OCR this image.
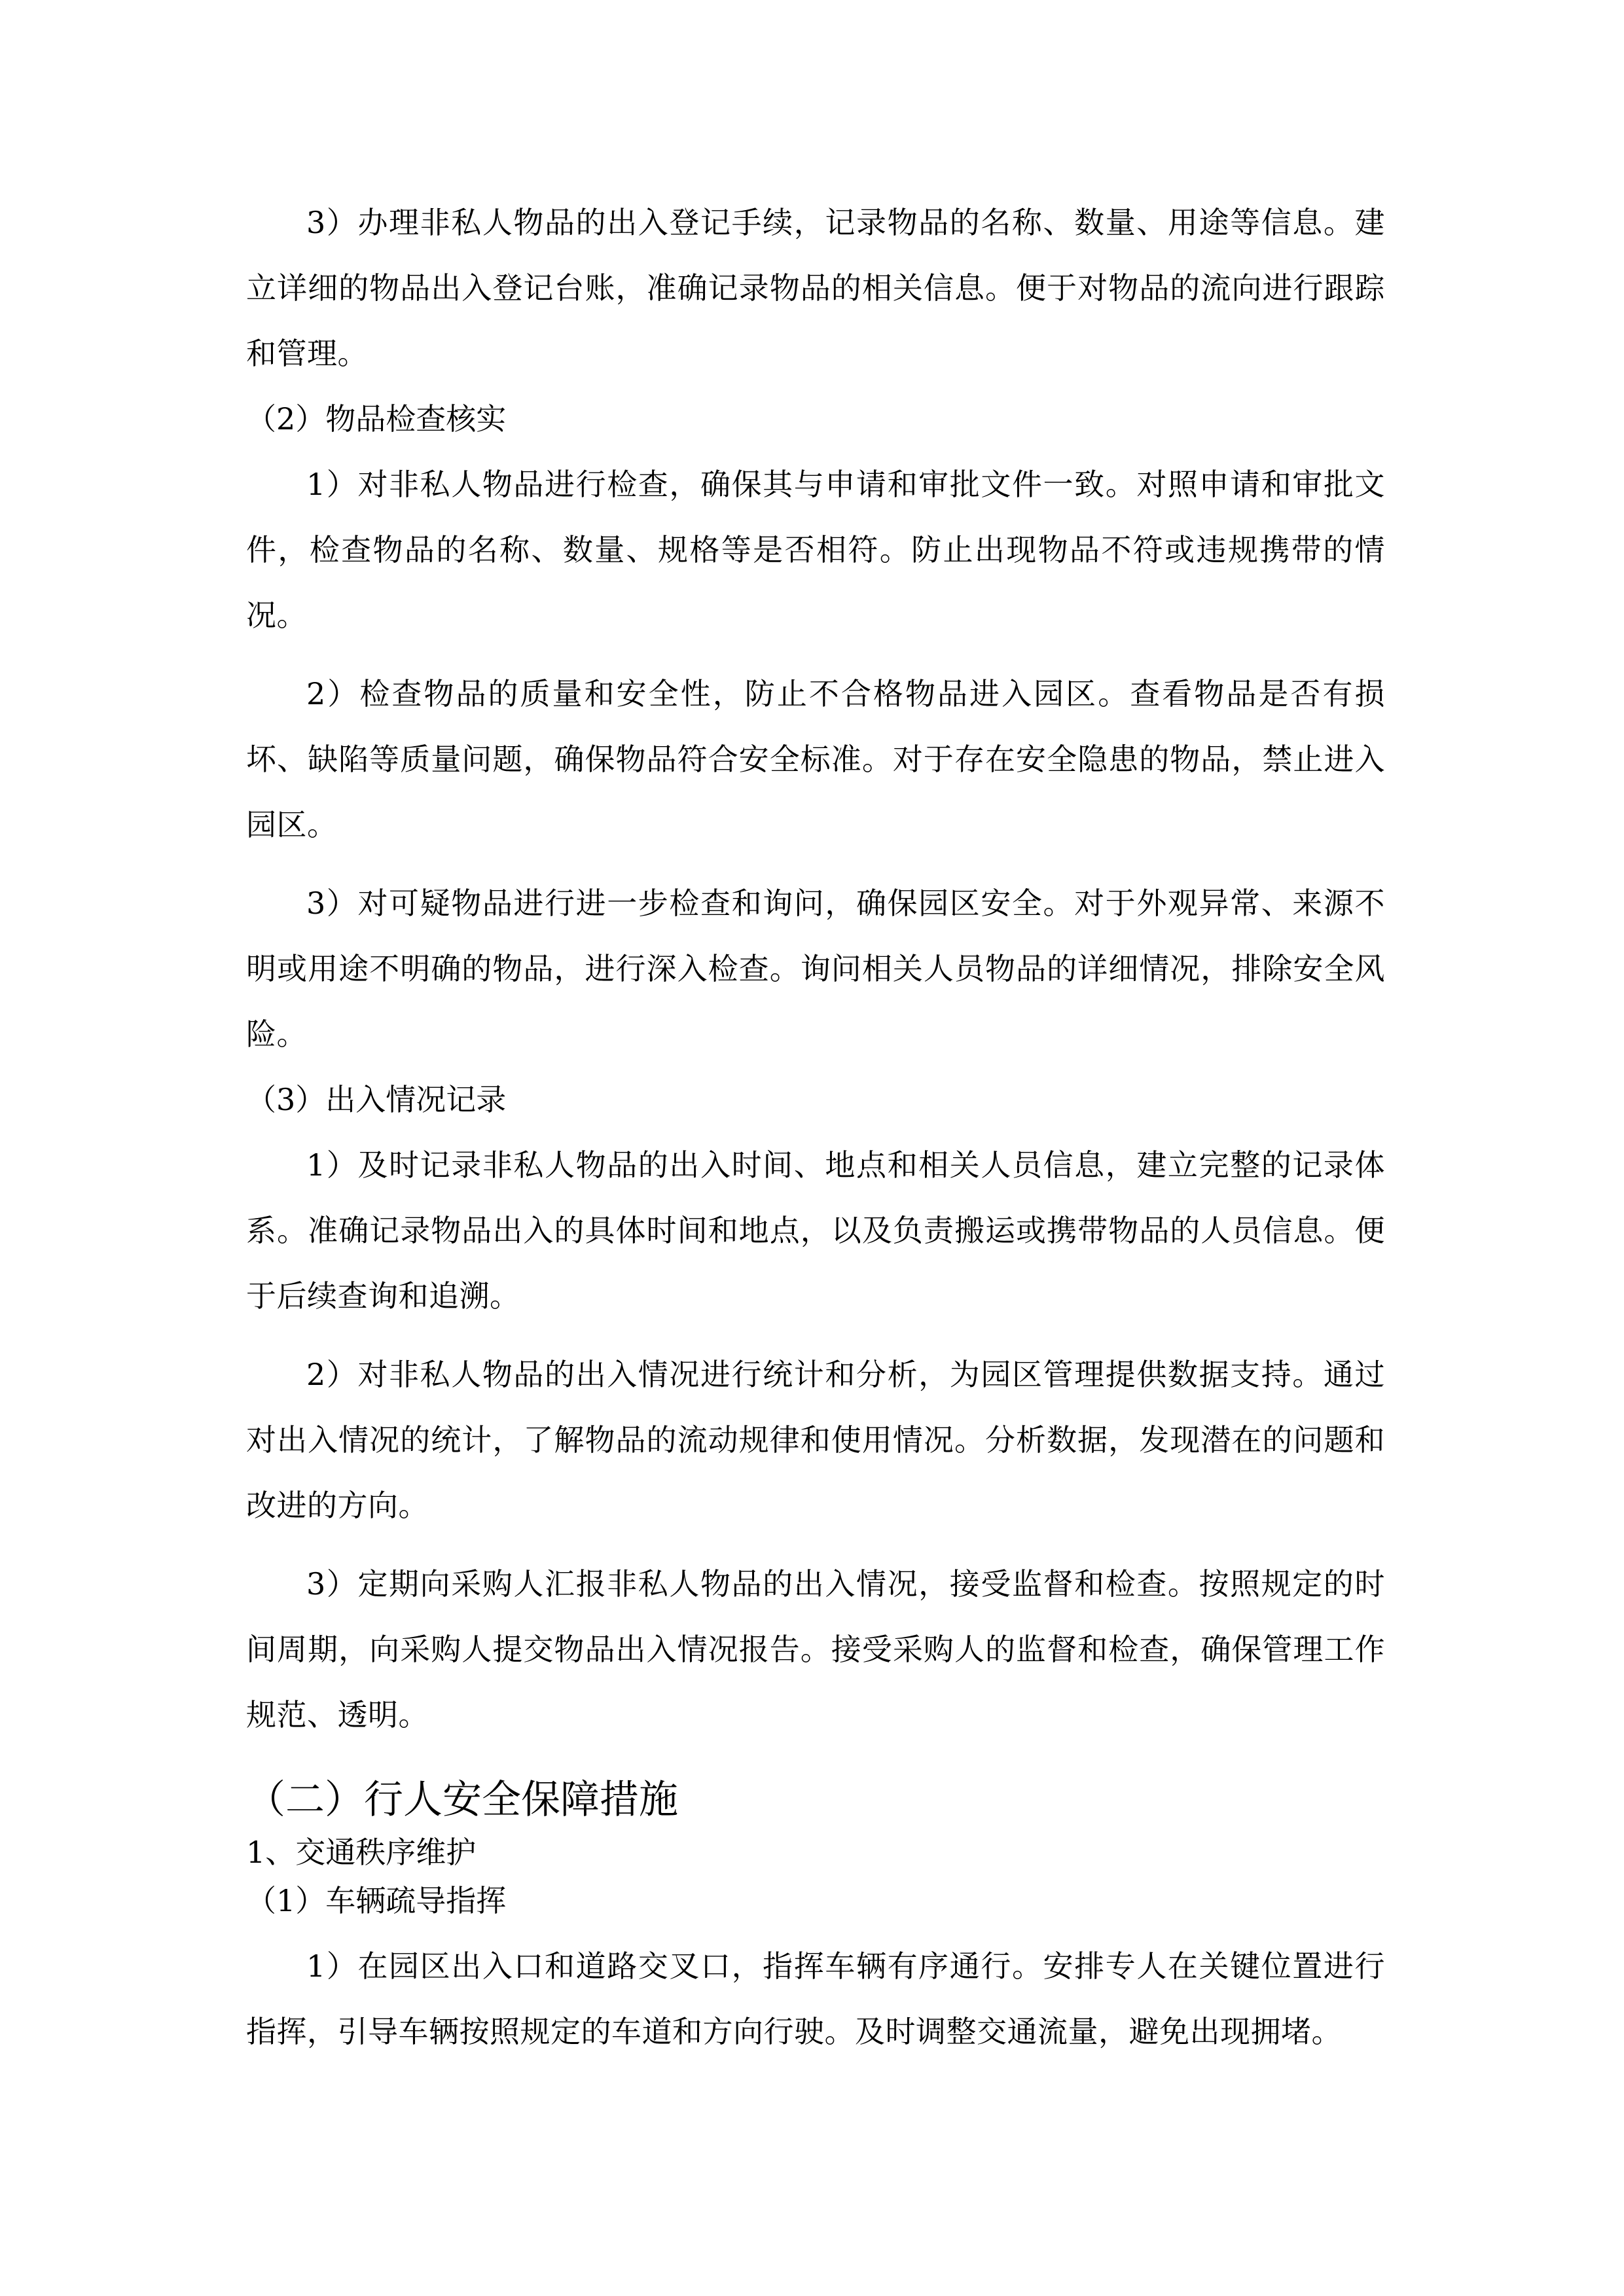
3）办理非私人物品的出入登记手续，记录物品的名称、数量、用途等信息。建立详细的物品出入登记台账，准确记录物品的相关信息。便于对物品的流向进行跟踪和管理。

（2）物品检查核实

1）对非私人物品进行检查，确保其与申请和审批文件一致。对照申请和审批文件，检查物品的名称、数量、规格等是否相符。防止出现物品不符或违规携带的情况。

2）检查物品的质量和安全性，防止不合格物品进入园区。查看物品是否有损坏、缺陷等质量问题，确保物品符合安全标准。对于存在安全隐患的物品，禁止进入园区。

3）对可疑物品进行进一步检查和询问，确保园区安全。对于外观异常、来源不明或用途不明确的物品，进行深入检查。询问相关人员物品的详细情况，排除安全风险。

（3）出入情况记录

1）及时记录非私人物品的出入时间、地点和相关人员信息，建立完整的记录体系。准确记录物品出入的具体时间和地点，以及负责搬运或携带物品的人员信息。便于后续查询和追溯。

2）对非私人物品的出入情况进行统计和分析，为园区管理提供数据支持。通过对出入情况的统计，了解物品的流动规律和使用情况。分析数据，发现潜在的问题和改进的方向。

3）定期向采购人汇报非私人物品的出入情况，接受监督和检查。按照规定的时间周期，向采购人提交物品出入情况报告。接受采购人的监督和检查，确保管理工作规范、透明。

（二）行人安全保障措施

1、交通秩序维护

（1）车辆疏导指挥

1）在园区出入口和道路交叉口，指挥车辆有序通行。安排专人在关键位置进行指挥，引导车辆按照规定的车道和方向行驶。及时调整交通流量，避免出现拥堵。
